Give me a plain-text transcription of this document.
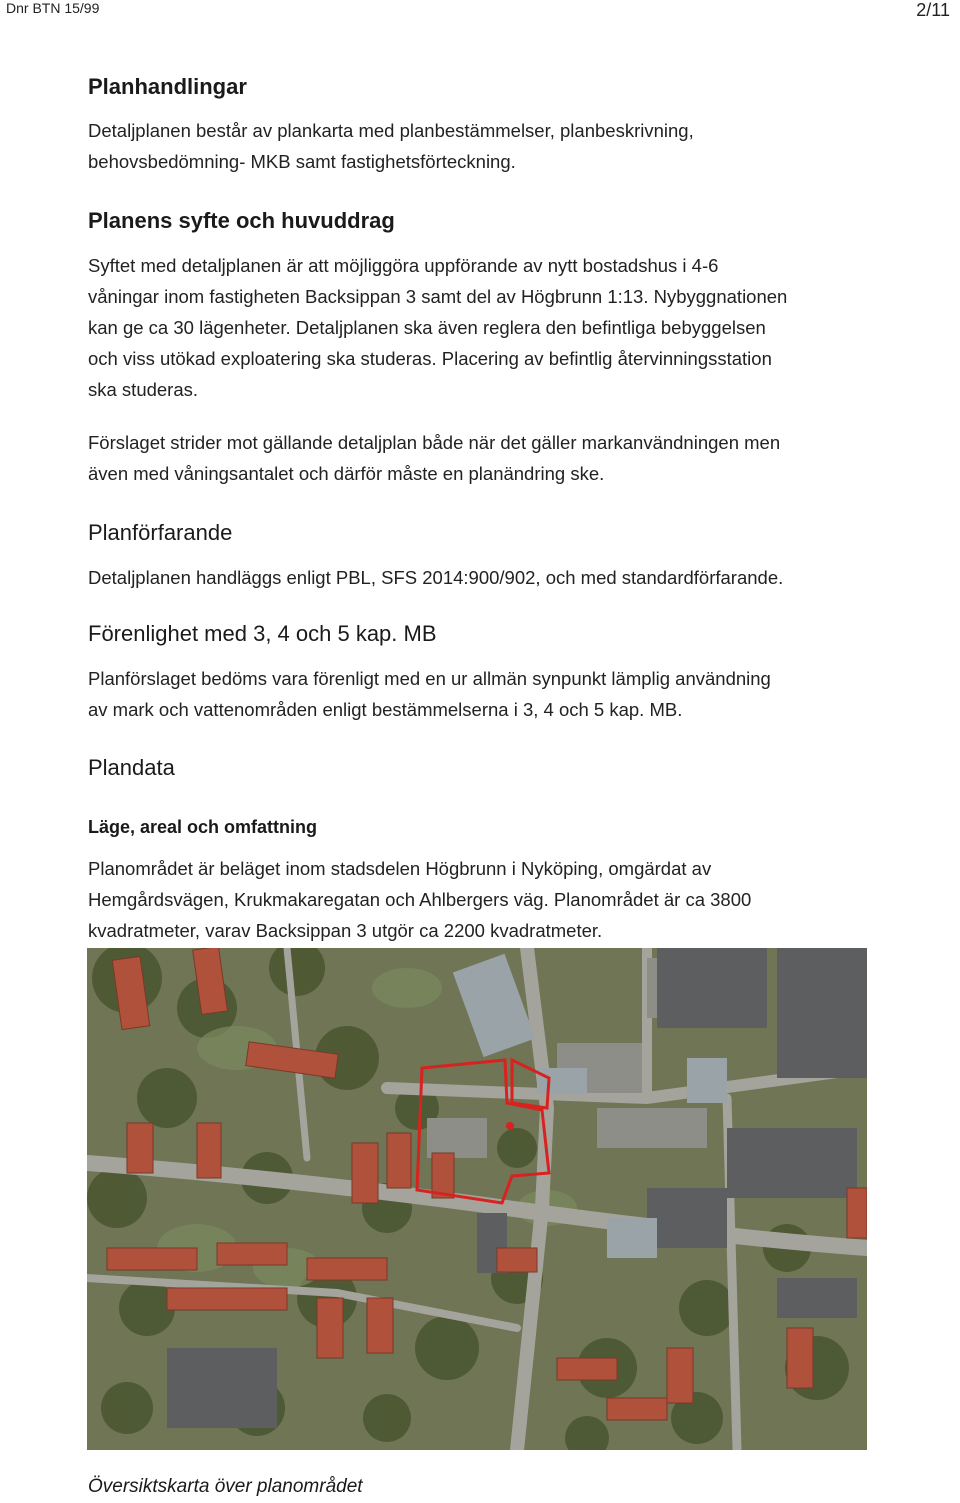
Dnr BTN 15/99	2/11
Planhandlingar
Detaljplanen består av plankarta med planbestämmelser, planbeskrivning,
behovsbedömning- MKB samt fastighetsförteckning.
Planens syfte och huvuddrag
Syftet med detaljplanen är att möjliggöra uppförande av nytt bostadshus i 4-6
våningar inom fastigheten Backsippan 3 samt del av Högbrunn 1:13. Nybyggnationen
kan ge ca 30 lägenheter. Detaljplanen ska även reglera den befintliga bebyggelsen
och viss utökad exploatering ska studeras. Placering av befintlig återvinningsstation
ska studeras.
Förslaget strider mot gällande detaljplan både när det gäller markanvändningen men
även med våningsantalet och därför måste en planändring ske.
Planförfarande
Detaljplanen handläggs enligt PBL, SFS 2014:900/902, och med standardförfarande.
Förenlighet med 3, 4 och 5 kap. MB
Planförslaget bedöms vara förenligt med en ur allmän synpunkt lämplig användning
av mark och vattenområden enligt bestämmelserna i 3, 4 och 5 kap. MB.
Plandata
Läge, areal och omfattning
Planområdet är beläget inom stadsdelen Högbrunn i Nyköping, omgärdat av
Hemgårdsvägen, Krukmakaregatan och Ahlbergers väg. Planområdet är ca 3800
kvadratmeter, varav Backsippan 3 utgör ca 2200 kvadratmeter.
Översiktskarta över planområdet
